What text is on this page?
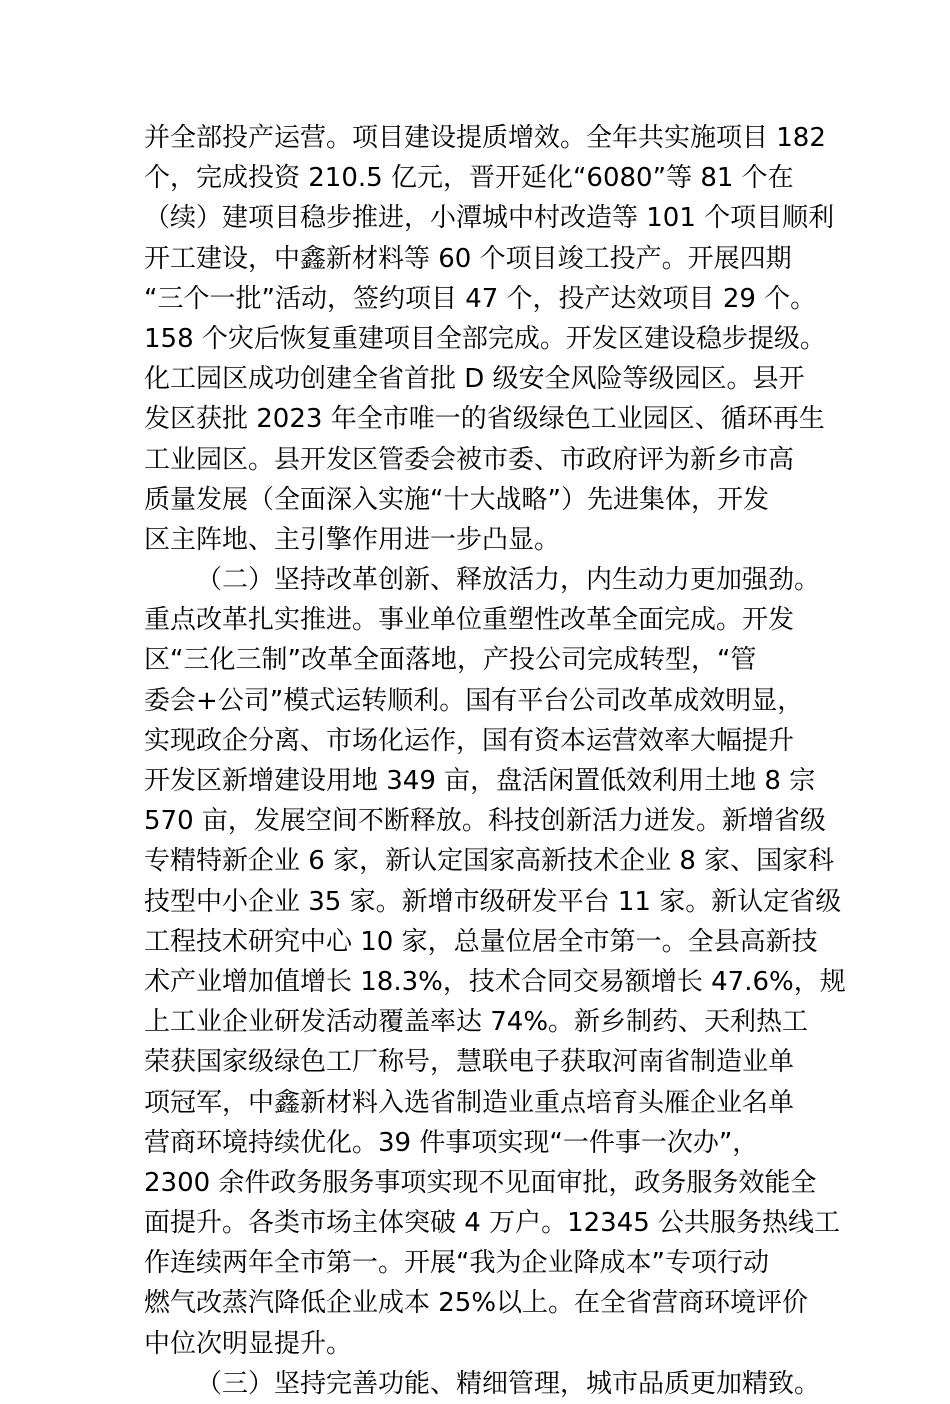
并全部投产运营。项目建设提质增效。全年共实施项目 182
个，完成投资 210.5 亿元，晋开延化“6080”等 81 个在
（续）建项目稳步推进，小潭城中村改造等 101 个项目顺利
开工建设，中鑫新材料等 60 个项目竣工投产。开展四期
“三个一批”活动，签约项目 47 个，投产达效项目 29 个。
158 个灾后恢复重建项目全部完成。开发区建设稳步提级。
化工园区成功创建全省首批 D 级安全风险等级园区。县开
发区获批 2023 年全市唯一的省级绿色工业园区、循环再生
工业园区。县开发区管委会被市委、市政府评为新乡市高
质量发展（全面深入实施“十大战略”）先进集体，开发
区主阵地、主引擎作用进一步凸显。
（二）坚持改革创新、释放活力，内生动力更加强劲。
重点改革扎实推进。事业单位重塑性改革全面完成。开发
区“三化三制”改革全面落地，产投公司完成转型，“管
委会+公司”模式运转顺利。国有平台公司改革成效明显，
实现政企分离、市场化运作，国有资本运营效率大幅提升
开发区新增建设用地 349 亩，盘活闲置低效利用土地 8 宗
570 亩，发展空间不断释放。科技创新活力迸发。新增省级
专精特新企业 6 家，新认定国家高新技术企业 8 家、国家科
技型中小企业 35 家。新增市级研发平台 11 家。新认定省级
工程技术研究中心 10 家，总量位居全市第一。全县高新技
术产业增加值增长 18.3%，技术合同交易额增长 47.6%，规
上工业企业研发活动覆盖率达 74%。新乡制药、天利热工
荣获国家级绿色工厂称号，慧联电子获取河南省制造业单
项冠军，中鑫新材料入选省制造业重点培育头雁企业名单
营商环境持续优化。39 件事项实现“一件事一次办”，
2300 余件政务服务事项实现不见面审批，政务服务效能全
面提升。各类市场主体突破 4 万户。12345 公共服务热线工
作连续两年全市第一。开展“我为企业降成本”专项行动
燃气改蒸汽降低企业成本 25%以上。在全省营商环境评价
中位次明显提升。
（三）坚持完善功能、精细管理，城市品质更加精致。
